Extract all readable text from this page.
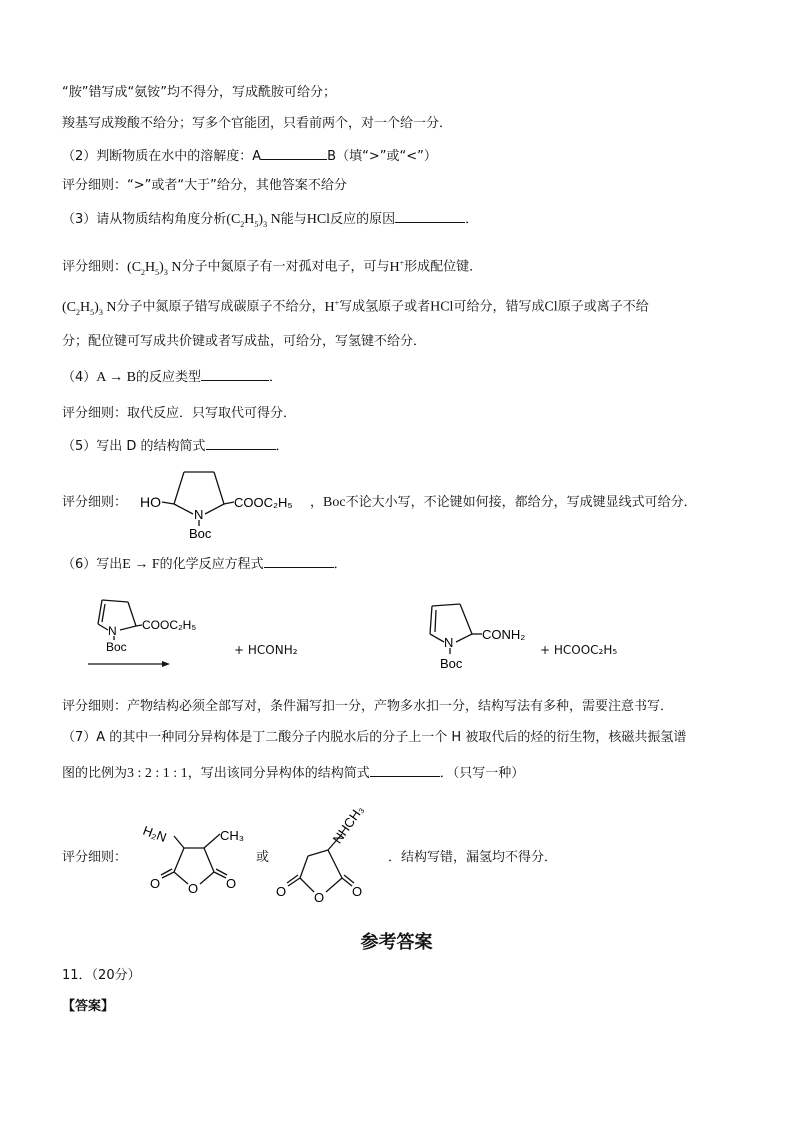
“胺”错写成“氨铵”均不得分，写成酰胺可给分；
羧基写成羧酸不给分；写多个官能团，只看前两个，对一个给一分．
（2）判断物质在水中的溶解度：A	B（填“>”或“<”）
评分细则：“>”或者“大于”给分，其他答案不给分
（3）请从物质结构角度分析$(C_2H_5)_3$ N能与HCl反应的原因	．
评分细则：$(C_2H_5)_3$ N分子中氮原子有一对孤对电子，可与H+形成配位键．
$(C_2H_5)_3$ N分子中氮原子错写成碳原子不给分，H+写成氢原子或者HCl可给分，错写成Cl原子或离子不给
分；配位键可写成共价键或者写成盐，可给分，写氢键不给分．
（4）A → B的反应类型	．
评分细则：取代反应．只写取代可得分．
（5）写出 D 的结构简式	．
评分细则： HO
N
COOC₂H₅
Boc
，Boc不论大小写，不论键如何接，都给分，写成键显线式可给分．
（6）写出E → F的化学反应方程式	．
N COOC₂H₅
Boc	+ HCONH₂	N
CONH₂
Boc
+ HCOOC₂H₅
评分细则：产物结构必须全部写对，条件漏写扣一分，产物多水扣一分，结构写法有多种，需要注意书写．
（7）A 的其中一种同分异构体是丁二酸分子内脱水后的分子上一个 H 被取代后的烃的衍生物，核磁共振氢谱
图的比例为3 : 2 : 1 : 1，写出该同分异构体的结构简式	．（只写一种）
评分细则：
H₂N	CH₃
O O O
或
NHCH₃
O O O
．结构写错，漏氢均不得分．
参考答案
11．（20分）
【答案】
